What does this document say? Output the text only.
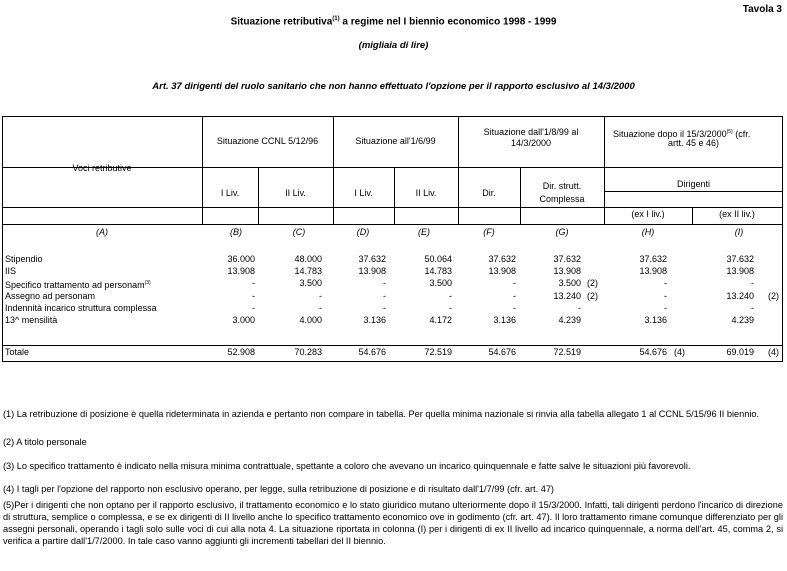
Tavola 3
Situazione retributiva$^{(1)}$ a regime nel I biennio economico 1998 - 1999
(migliaia di lire)
Art. 37 dirigenti del ruolo sanitario che non hanno effettuato l'opzione per il rapporto esclusivo al 14/3/2000
Voci retributive
Situazione CCNL 5/12/96	Situazione all'1/6/99
Situazione dall'1/8/99 al
14/3/2000
Situazione dopo il 15/3/2000$^{(5)}$ (cfr.
artt. 45 e 46)
I Liv.	II Liv.	I Liv.	II Liv.	Dir.
Dir. strutt.
Complessa
Dirigenti
(ex I liv.)	(ex II liv.)
(A)	(B)	(C)	(D)	(E)	(F)	(G)	(H)	(I)
Stipendio	36.000	48.000	37.632	50.064	37.632	37.632	37.632	37.632
IIS	13.908	14.783	13.908	14.783	13.908	13.908	13.908	13.908
Specifico trattamento ad personam$^{(3)}$	-	3.500	-	3.500	-	3.500 (2)	-	-
Assegno ad personam	-	-	-	-	-	13.240 (2)	-	13.240 (2)
Indennità incarico struttura complessa	-	-	-	-	-	-	-	-
13^ mensilità	3.000	4.000	3.136	4.172	3.136	4.239	3.136	4.239
Totale	52.908	70.283	54.676	72.519	54.676	72.519	54.676 (4)	69.019 (4)
(1) La retribuzione di posizione è quella rideterminata in azienda e pertanto non compare in tabella. Per quella minima nazionale si rinvia alla tabella allegato 1 al CCNL 5/15/96 II biennio.
(2) A titolo personale
(3) Lo specifico trattamento è indicato nella misura minima contrattuale, spettante a coloro che avevano un incarico quinquennale e fatte salve le situazioni più favorevoli.
(4) I tagli per l'opzione del rapporto non esclusivo operano, per legge, sulla retribuzione di posizione e di risultato dall'1/7/99 (cfr. art. 47)
(5)Per i dirigenti che non optano per il rapporto esclusivo, il trattamento economico e lo stato giuridico mutano ulteriormente dopo il 15/3/2000. Infatti, tali dirigenti perdono l'incarico di direzione di struttura, semplice o complessa, e se ex dirigenti di II livello anche lo specifico trattamento economico ove in godimento (cfr. art. 47). Il loro trattamento rimane comunque differenziato per gli assegni personali, operando i tagli solo sulle voci di cui alla nota 4. La situazione riportata in colonna (I) per i dirigenti di ex II livello ad incarico quinquennale, a norma dell'art. 45, comma 2, si verifica a partire dall'1/7/2000. In tale caso vanno aggiunti gli incrementi tabellari del II biennio.
